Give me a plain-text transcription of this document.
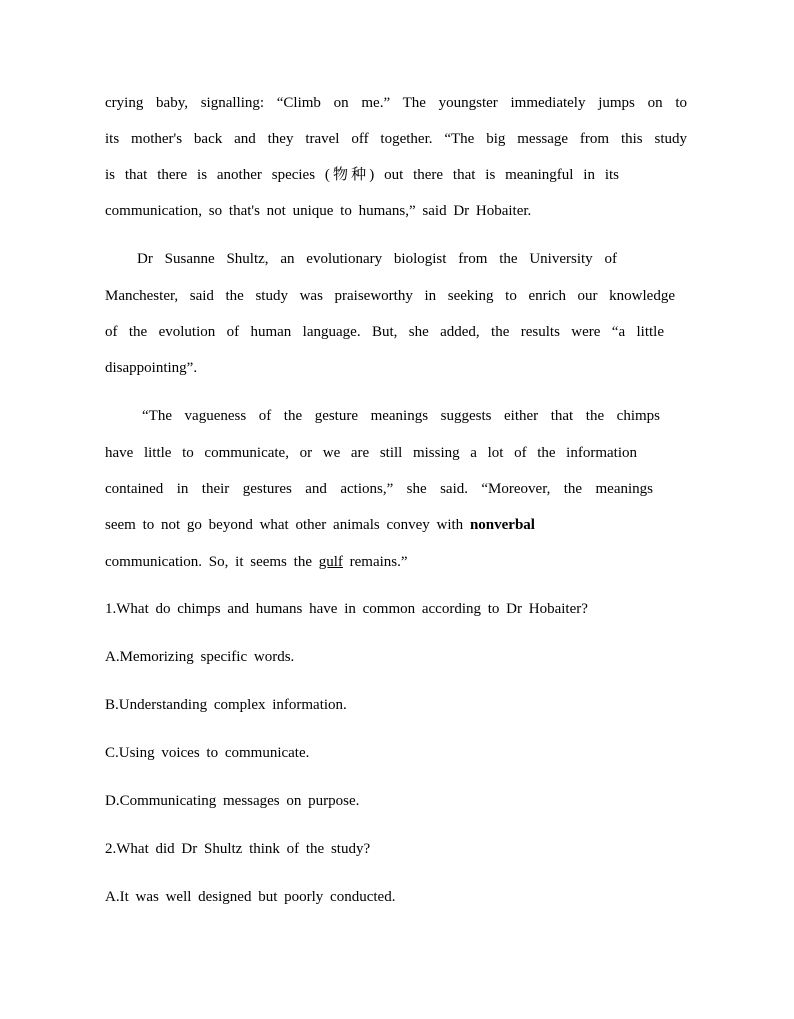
crying baby, signalling: “Climb on me.” The youngster immediately jumps on to
its mother's back and they travel off together. “The big message from this study
is that there is another species (物种) out there that is meaningful in its
communication, so that's not unique to humans,” said Dr Hobaiter.
Dr Susanne Shultz, an evolutionary biologist from the University of
Manchester, said the study was praiseworthy in seeking to enrich our knowledge
of the evolution of human language. But, she added, the results were “a little
disappointing”.
“The vagueness of the gesture meanings suggests either that the chimps
have little to communicate, or we are still missing a lot of the information
contained in their gestures and actions,” she said. “Moreover, the meanings
seem to not go beyond what other animals convey with nonverbal
communication. So, it seems the gulf remains.”
1.What do chimps and humans have in common according to Dr Hobaiter?
A.Memorizing specific words.
B.Understanding complex information.
C.Using voices to communicate.
D.Communicating messages on purpose.
2.What did Dr Shultz think of the study?
A.It was well designed but poorly conducted.
